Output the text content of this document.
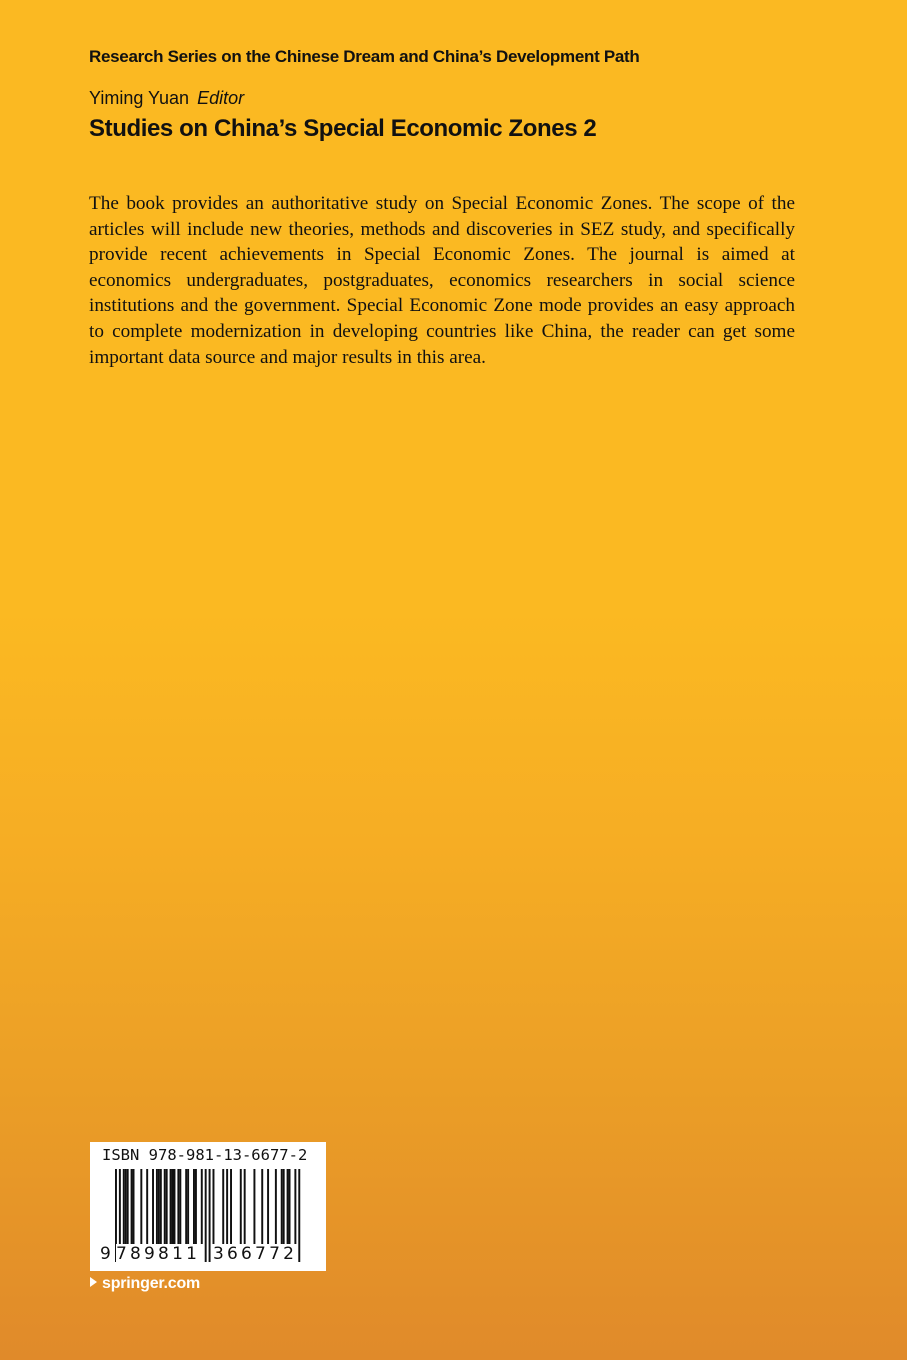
Research Series on the Chinese Dream and China’s Development Path
Yiming Yuan Editor
Studies on China’s Special Economic Zones 2
The book provides an authoritative study on Special Economic Zones. The scope of the articles will include new theories, methods and discoveries in SEZ study, and specifically provide recent achievements in Special Economic Zones. The journal is aimed at economics undergraduates, postgraduates, economics researchers in social science institutions and the government. Special Economic Zone mode provides an easy approach to complete modernization in developing countries like China, the reader can get some important data source and major results in this area.
ISBN 978-981-13-6677-2
9 789811 366772
springer.com
